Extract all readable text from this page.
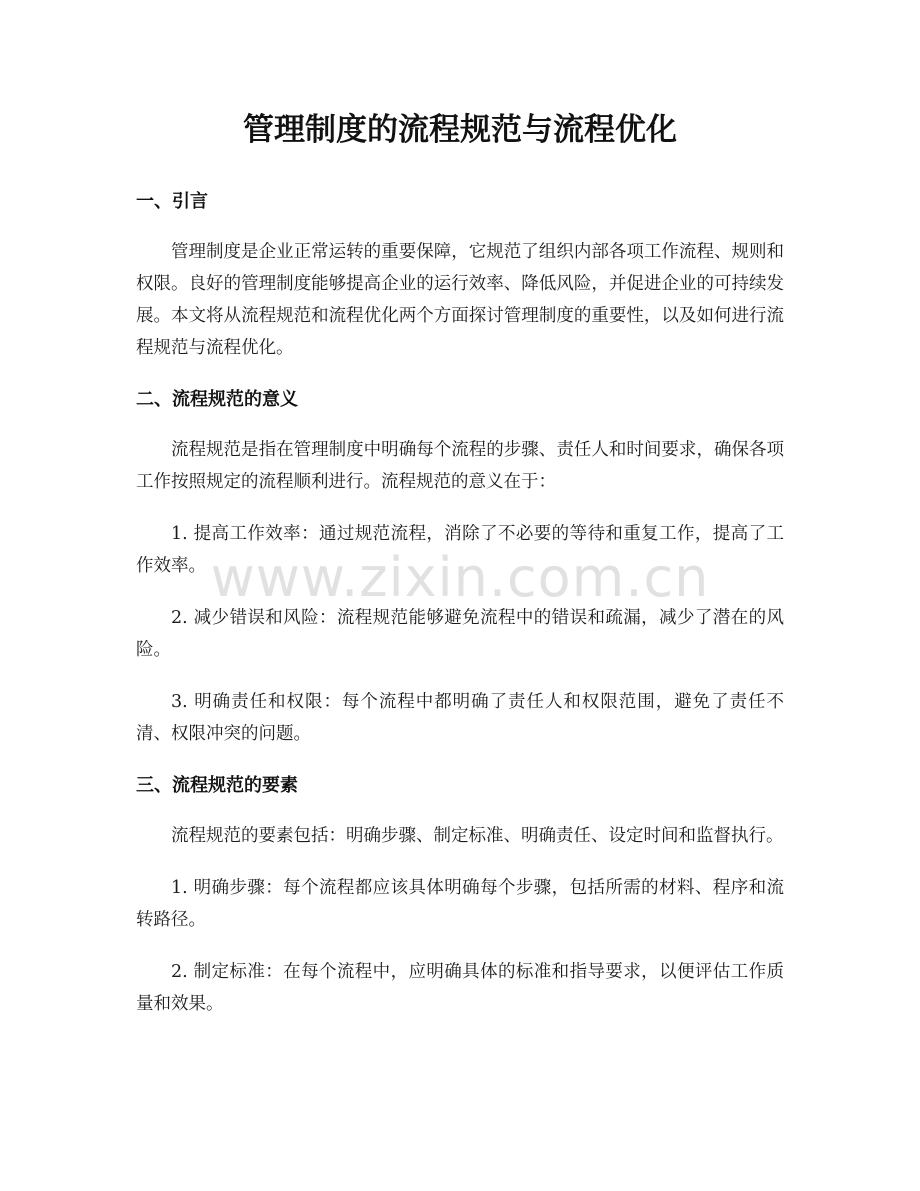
管理制度的流程规范与流程优化
一、引言

管理制度是企业正常运转的重要保障，它规范了组织内部各项工作流程、规则和权限。良好的管理制度能够提高企业的运行效率、降低风险，并促进企业的可持续发展。本文将从流程规范和流程优化两个方面探讨管理制度的重要性，以及如何进行流程规范与流程优化。

二、流程规范的意义

流程规范是指在管理制度中明确每个流程的步骤、责任人和时间要求，确保各项工作按照规定的流程顺利进行。流程规范的意义在于：

1. 提高工作效率：通过规范流程，消除了不必要的等待和重复工作，提高了工作效率。

2. 减少错误和风险：流程规范能够避免流程中的错误和疏漏，减少了潜在的风险。

3. 明确责任和权限：每个流程中都明确了责任人和权限范围，避免了责任不清、权限冲突的问题。

三、流程规范的要素

流程规范的要素包括：明确步骤、制定标准、明确责任、设定时间和监督执行。

1. 明确步骤：每个流程都应该具体明确每个步骤，包括所需的材料、程序和流转路径。

2. 制定标准：在每个流程中，应明确具体的标准和指导要求，以便评估工作质量和效果。

www.zixin.com.cn
